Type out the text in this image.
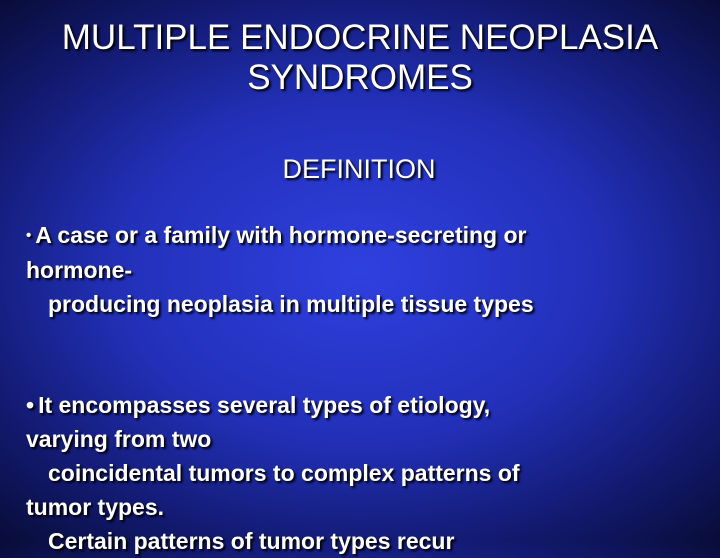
MULTIPLE ENDOCRINE NEOPLASIA
SYNDROMES
DEFINITION
• A case or a family with hormone-secreting or
hormone-
producing neoplasia in multiple tissue types
• It encompasses several types of etiology,
varying from two
coincidental tumors to complex patterns of
tumor types.
Certain patterns of tumor types recur
